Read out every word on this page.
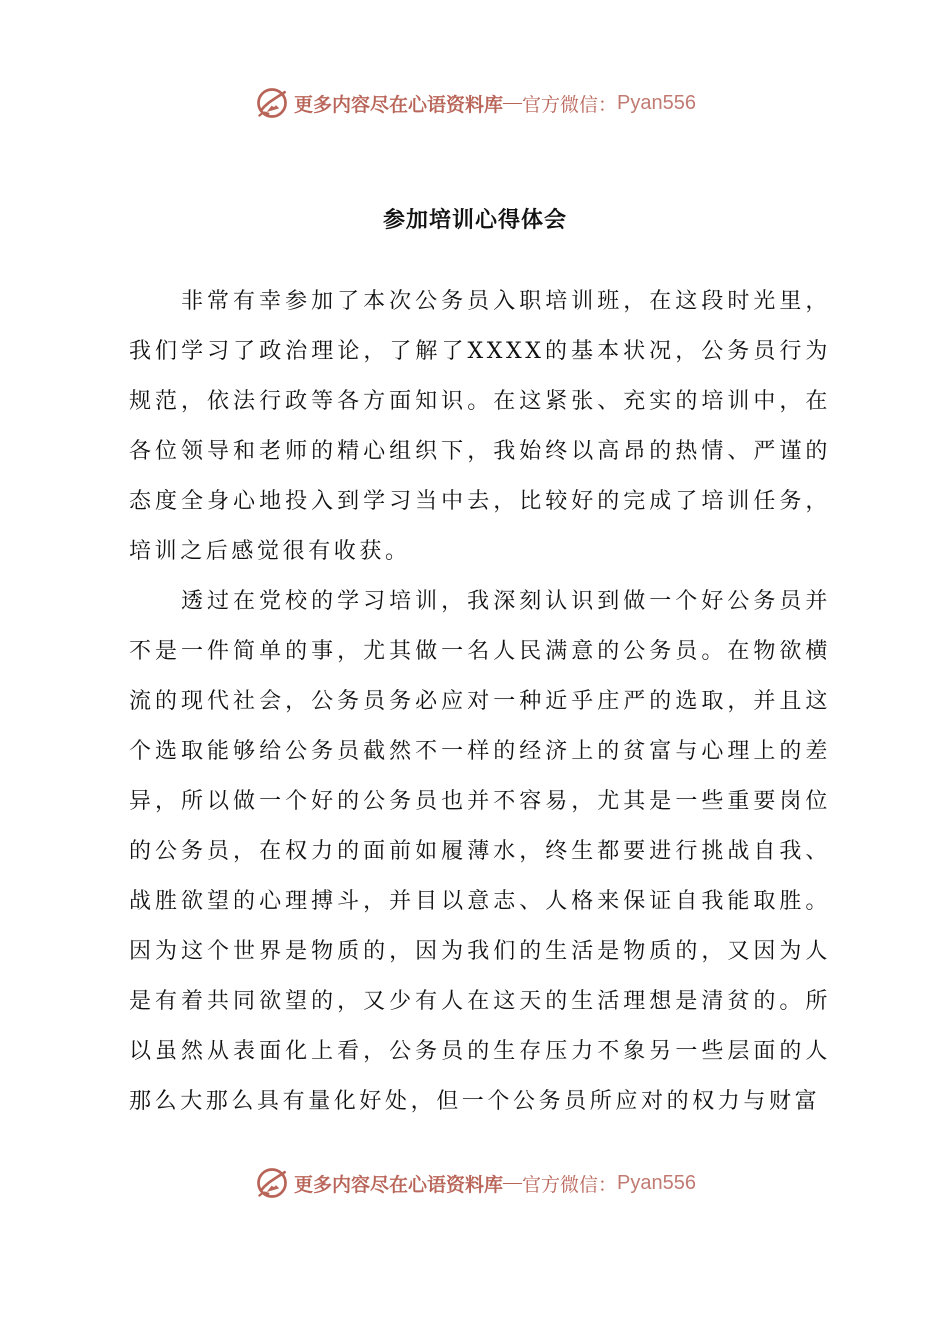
更多内容尽在心语资料库 — 官方微信： Pyan556
参加培训心得体会

非常有幸参加了本次公务员入职培训班，在这段时光里，我们学习了政治理论，了解了XXXX的基本状况，公务员行为规范，依法行政等各方面知识。在这紧张、充实的培训中，在各位领导和老师的精心组织下，我始终以高昂的热情、严谨的态度全身心地投入到学习当中去，比较好的完成了培训任务，培训之后感觉很有收获。

透过在党校的学习培训，我深刻认识到做一个好公务员并不是一件简单的事，尤其做一名人民满意的公务员。在物欲横流的现代社会，公务员务必应对一种近乎庄严的选取，并且这个选取能够给公务员截然不一样的经济上的贫富与心理上的差异，所以做一个好的公务员也并不容易，尤其是一些重要岗位的公务员，在权力的面前如履薄水，终生都要进行挑战自我、战胜欲望的心理搏斗，并目以意志、人格来保证自我能取胜。因为这个世界是物质的，因为我们的生活是物质的，又因为人是有着共同欲望的，又少有人在这天的生活理想是清贫的。所以虽然从表面化上看，公务员的生存压力不象另一些层面的人那么大那么具有量化好处，但一个公务员所应对的权力与财富

更多内容尽在心语资料库 — 官方微信： Pyan556
